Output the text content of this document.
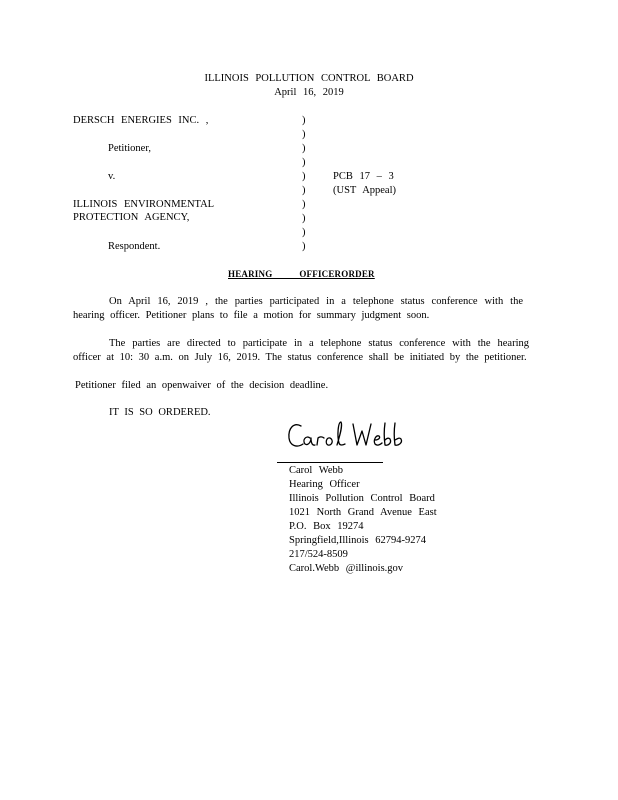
ILLINOIS POLLUTION CONTROL BOARD
April 16, 2019
DERSCH ENERGIES INC. ,
Petitioner,
v.
ILLINOIS ENVIRONMENTAL
PROTECTION AGENCY,
Respondent.
)
)
)
)
)
)
)
)
)
)
PCB 17 – 3
(UST Appeal)
HEARING           OFFICERORDER
On April 16, 2019 , the parties participated in a telephone status conference with the hearing officer. Petitioner plans to file a motion for summary judgment soon.
The parties are directed to participate in a telephone status conference with the hearing officer at 10: 30 a.m. on July 16, 2019. The status conference shall be initiated by the petitioner.
Petitioner filed an openwaiver of the decision deadline.
IT IS SO ORDERED.
Carol Webb
Hearing Officer
Illinois Pollution Control Board
1021 North Grand Avenue East
P.O. Box 19274
Springfield,Illinois 62794-9274
217/524-8509
Carol.Webb @illinois.gov
